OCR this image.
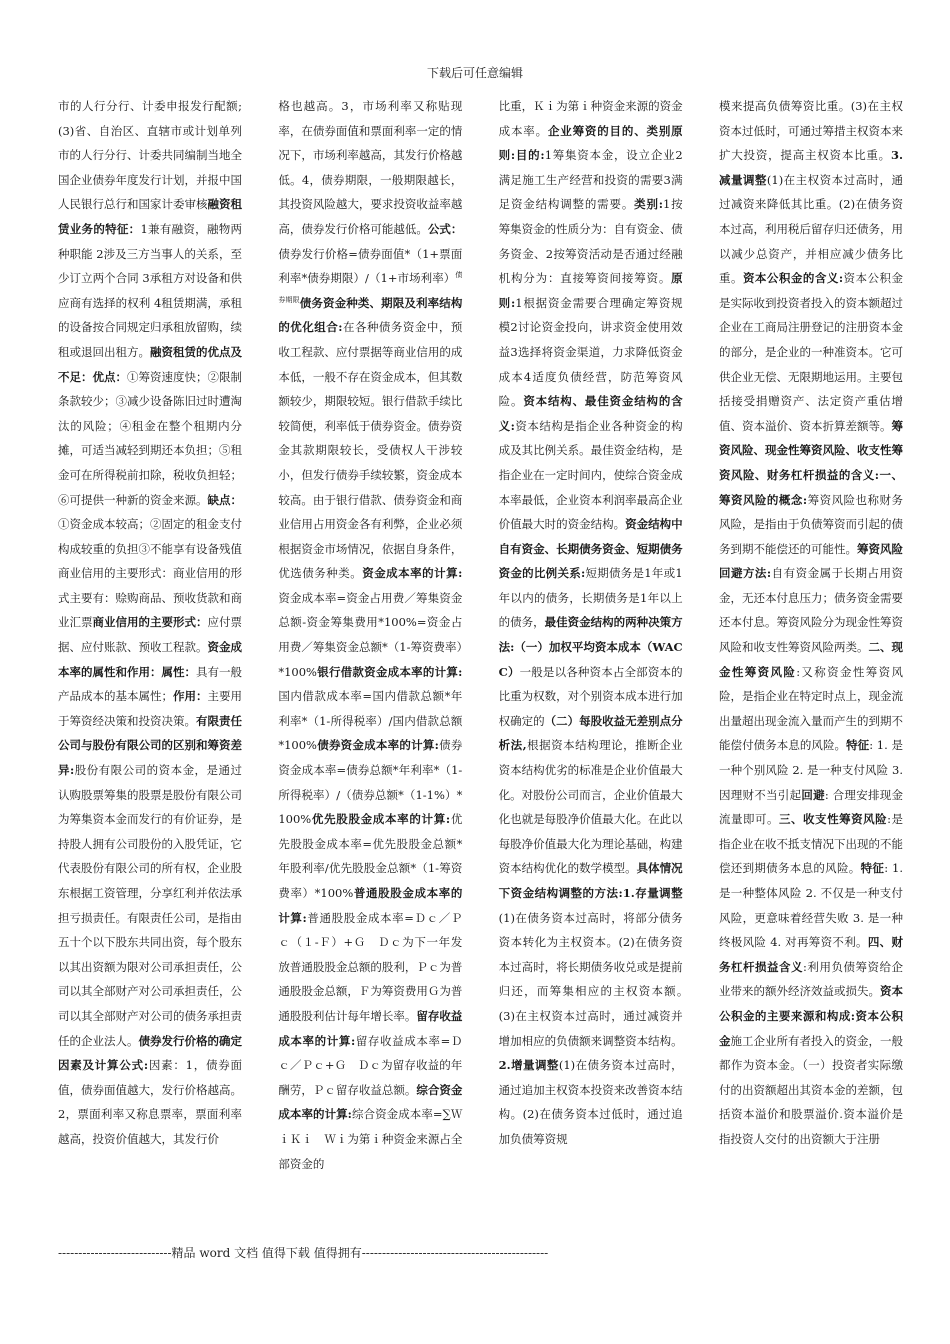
下载后可任意编辑
市的人行分行、计委申报发行配额;(3)省、自治区、直辖市或计划单列市的人行分行、计委共同编制当地全国企业债券年度发行计划，并报中国人民银行总行和国家计委审核融资租赁业务的特征：1兼有融资，融物两种职能 2涉及三方当事人的关系，至少订立两个合同 3承租方对设备和供应商有选择的权利 4租赁期满，承租的设备按合同规定归承租放留购，续租或退回出租方。融资租赁的优点及不足：优点：①筹资速度快；②限制条款较少；③减少设备陈旧过时遭淘汰的风险；④租金在整个租期内分摊，可适当减轻到期还本负担；⑤租金可在所得税前扣除，税收负担轻；⑥可提供一种新的资金来源。缺点：①资金成本较高；②固定的租金支付构成较重的负担③不能享有设备残值商业信用的主要形式：商业信用的形式主要有：赊购商品、预收货款和商业汇票商业信用的主要形式：应付票据、应付账款、预收工程款。资金成本率的属性和作用：属性：具有一般产品成本的基本属性；作用：主要用于筹资经决策和投资决策。有限责任公司与股份有限公司的区别和筹资差异:股份有限公司的资本金，是通过认购股票筹集的股票是股份有限公司为筹集资本金而发行的有价证券，是持股人拥有公司股份的入股凭证，它代表股份有限公司的所有权，企业股东根据工资管理，分享红利并依法承担亏损责任。有限责任公司，是指由五十个以下股东共同出资，每个股东以其出资额为限对公司承担责任，公司以其全部财产对公司承担责任，公司以其全部财产对公司的债务承担责任的企业法人。债券发行价格的确定因素及计算公式:因素：1，债券面值，债券面值越大，发行价格越高。2，票面利率又称息票率，票面利率越高，投资价值越大，其发行价
格也越高。3，市场利率又称贴现率，在债券面值和票面利率一定的情况下，市场利率越高，其发行价格越低。4，债券期限，一般期限越长，其投资风险越大，要求投资收益率越高，债券发行价格可能越低。公式：债券发行价格=债券面值*（1+票面利率*债券期限）/（1+市场利率）$^{债券期限}$债务资金种类、期限及利率结构的优化组合:在各种债务资金中，预收工程款、应付票据等商业信用的成本低，一般不存在资金成本，但其数额较少，期限较短。银行借款手续比较简便，利率低于债券资金。债券资金其款期限较长，受债权人干涉较小，但发行债券手续较繁，资金成本较高。由于银行借款、债券资金和商业信用占用资金各有利弊，企业必须根据资金市场情况，依据自身条件，优选债务种类。资金成本率的计算:资金成本率=资金占用费／筹集资金总额-资金筹集费用*100%=资金占用费／筹集资金总额*（1-筹资费率）*100%银行借款资金成本率的计算:国内借款成本率=国内借款总额*年利率*（1-所得税率）/国内借款总额*100%债券资金成本率的计算:债券资金成本率=债券总额*年利率*（1-所得税率）/（债券总额*（1-1%）*100%优先股股金成本率的计算:优先股股金成本率=优先股股金总额*年股利率/优先股股金总额*（1-筹资费率）*100%普通股股金成本率的计算:普通股股金成本率=Ｄｃ／Ｐｃ（１-Ｆ）+Ｇ　Ｄｃ为下一年发放普通股股金总额的股利，Ｐｃ为普通股股金总额，Ｆ为筹资费用Ｇ为普通股股利估计每年增长率。留存收益成本率的计算:留存收益成本率=Ｄｃ／Ｐｃ+Ｇ　Ｄｃ为留存收益的年酬劳，Ｐｃ留存收益总额。综合资金成本率的计算:综合资金成本率=∑ＷｉＫｉ　Ｗｉ为第ｉ种资金来源占全部资金的
比重，Ｋｉ为第ｉ种资金来源的资金成本率。企业筹资的目的、类别原则:目的:1筹集资本金，设立企业2满足施工生产经营和投资的需要3满足资金结构调整的需要。类别:1按筹集资金的性质分为：自有资金、债务资金、2按筹资活动是否通过经融机构分为：直接筹资间接筹资。原则:1根据资金需要合理确定筹资规模2讨论资金投向，讲求资金使用效益3选择将资金渠道，力求降低资金成本4适度负债经营，防范筹资风险。资本结构、最佳资金结构的含义:资本结构是指企业各种资金的构成及其比例关系。最佳资金结构，是指企业在一定时间内，使综合资金成本率最低，企业资本利润率最高企业价值最大时的资金结构。资金结构中自有资金、长期债务资金、短期债务资金的比例关系:短期债务是1年或1年以内的债务，长期债务是1年以上的债务，最佳资金结构的两种决策方法:（一）加权平均资本成本（WACC）一般是以各种资本占全部资本的比重为权数，对个别资本成本进行加权确定的（二）每股收益无差别点分析法,根据资本结构理论，推断企业资本结构优劣的标准是企业价值最大化。对股份公司而言，企业价值最大化也就是每股净价值最大化。在此以每股净价值最大化为理论基础，构建资本结构优化的数学模型。具体情况下资金结构调整的方法:1.存量调整(1)在债务资本过高时，将部分债务资本转化为主权资本。(2)在债务资本过高时，将长期债务收兑或是提前归还，而筹集相应的主权资本额。　(3)在主权资本过高时，通过减资并增加相应的负债额来调整资本结构。2.增量调整(1)在债务资本过高时，通过追加主权资本投资来改善资本结构。(2)在债务资本过低时，通过追加负债筹资规
模来提高负债筹资比重。(3)在主权资本过低时，可通过筹措主权资本来扩大投资，提高主权资本比重。3.减量调整(1)在主权资本过高时，通过减资来降低其比重。(2)在债务资本过高，利用税后留存归还债务，用以减少总资产，并相应减少债务比重。资本公积金的含义:资本公积金是实际收到投资者投入的资本额超过企业在工商局注册登记的注册资本金的部分，是企业的一种准资本。它可供企业无偿、无限期地运用。主要包括接受捐赠资产、法定资产重估增值、资本溢价、资本折算差额等。筹资风险、现金性筹资风险、收支性筹资风险、财务杠杆损益的含义:一、筹资风险的概念:筹资风险也称财务风险，是指由于负债筹资而引起的债务到期不能偿还的可能性。筹资风险回避方法:自有资金属于长期占用资金，无还本付息压力；债务资金需要还本付息。筹资风险分为现金性筹资风险和收支性筹资风险两类。二、现金性筹资风险:又称资金性筹资风险，是指企业在特定时点上，现金流出量超出现金流入量而产生的到期不能偿付债务本息的风险。特征: 1. 是一种个别风险 2. 是一种支付风险 3. 因理财不当引起回避: 合理安排现金流量即可。三、收支性筹资风险:是指企业在收不抵支情况下出现的不能偿还到期债务本息的风险。特征: 1. 是一种整体风险 2. 不仅是一种支付风险，更意味着经营失败 3. 是一种终极风险 4. 对再筹资不利。四、财务杠杆损益含义:利用负债筹资给企业带来的额外经济效益或损失。资本公积金的主要来源和构成:资本公积金施工企业所有者投入的资金，一般都作为资本金。（一）投资者实际缴付的出资额超出其资本金的差额，包括资本溢价和股票溢价.资本溢价是指投资人交付的出资额大于注册
----------------------------精品 word 文档 值得下载 值得拥有----------------------------------------------
